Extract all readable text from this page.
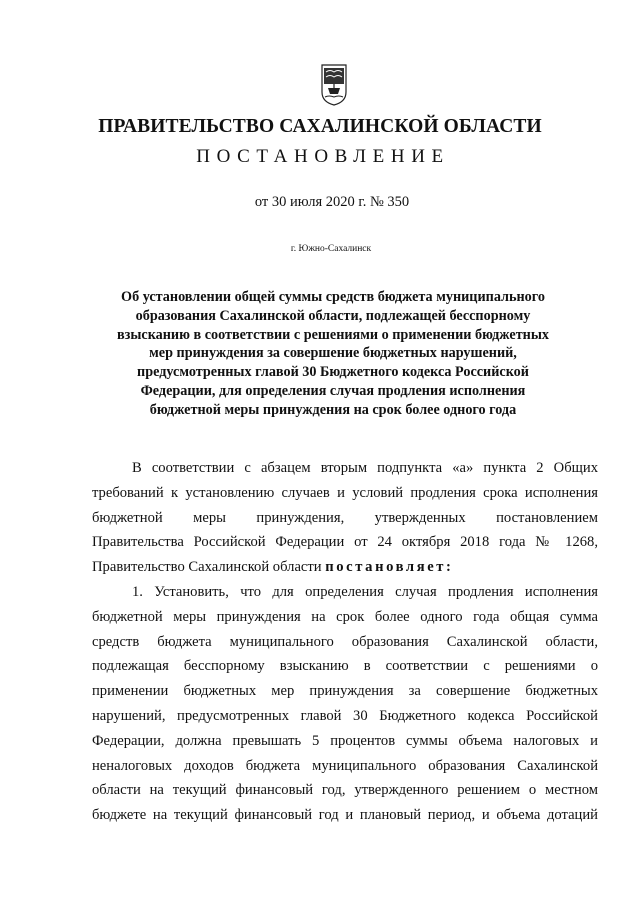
ПРАВИТЕЛЬСТВО САХАЛИНСКОЙ ОБЛАСТИ
ПОСТАНОВЛЕНИЕ
от 30 июля 2020 г. № 350
г. Южно-Сахалинск
Об установлении общей суммы средств бюджета муниципального
образования Сахалинской области, подлежащей бесспорному
взысканию в соответствии с решениями о применении бюджетных
мер принуждения за совершение бюджетных нарушений,
предусмотренных главой 30 Бюджетного кодекса Российской
Федерации, для определения случая продления исполнения
бюджетной меры принуждения на срок более одного года
В соответствии с абзацем вторым подпункта «а» пункта 2 Общих
требований к установлению случаев и условий продления срока исполнения
бюджетной меры принуждения, утвержденных постановлением
Правительства Российской Федерации от 24 октября 2018 года № 1268,
Правительство Сахалинской области постановляет:
1. Установить, что для определения случая продления исполнения
бюджетной меры принуждения на срок более одного года общая сумма
средств бюджета муниципального образования Сахалинской области,
подлежащая бесспорному взысканию в соответствии с решениями о
применении бюджетных мер принуждения за совершение бюджетных
нарушений, предусмотренных главой 30 Бюджетного кодекса Российской
Федерации, должна превышать 5 процентов суммы объема налоговых и
неналоговых доходов бюджета муниципального образования Сахалинской
области на текущий финансовый год, утвержденного решением о местном
бюджете на текущий финансовый год и плановый период, и объема дотаций
